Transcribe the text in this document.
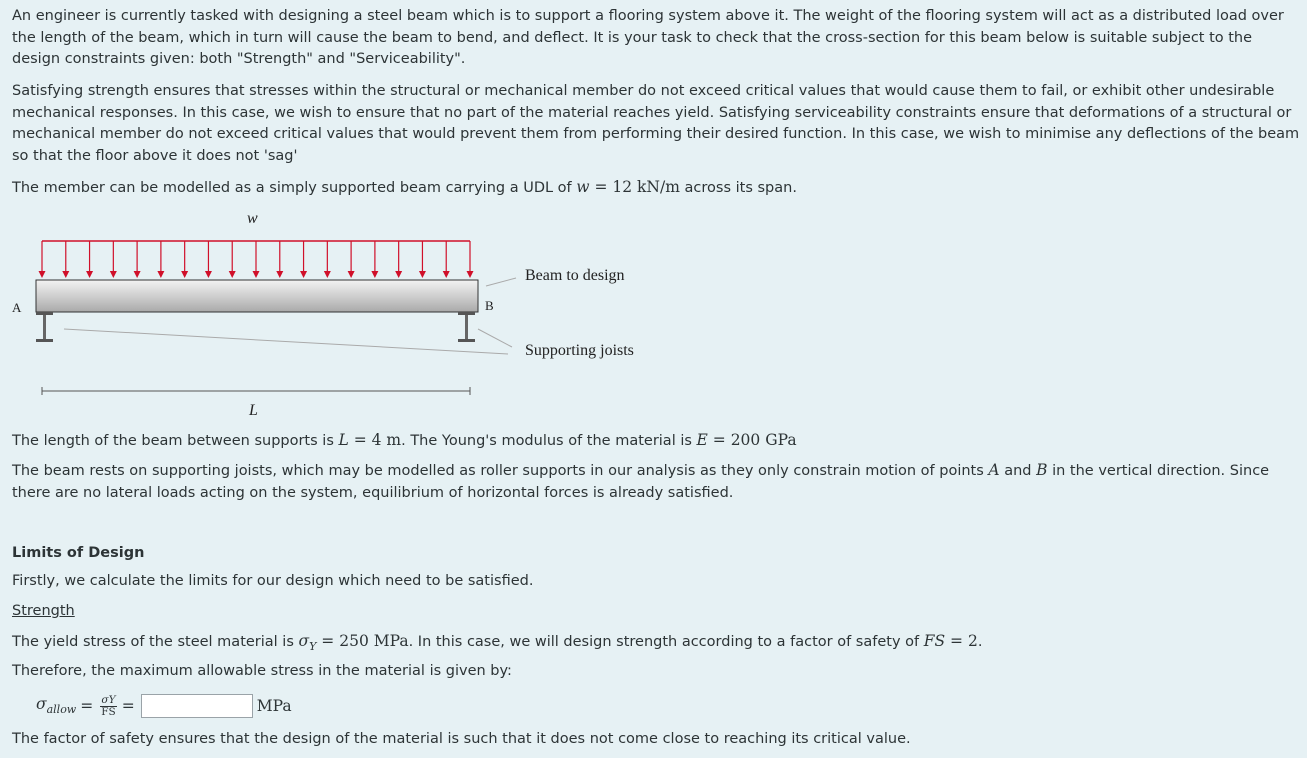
An engineer is currently tasked with designing a steel beam which is to support a flooring system above it. The weight of the flooring system will act as a distributed load over the length of the beam, which in turn will cause the beam to bend, and deflect. It is your task to check that the cross-section for this beam below is suitable subject to the design constraints given: both "Strength" and "Serviceability".

Satisfying strength ensures that stresses within the structural or mechanical member do not exceed critical values that would cause them to fail, or exhibit other undesirable mechanical responses. In this case, we wish to ensure that no part of the material reaches yield. Satisfying serviceability constraints ensure that deformations of a structural or mechanical member do not exceed critical values that would prevent them from performing their desired function. In this case, we wish to minimise any deflections of the beam so that the floor above it does not 'sag'

The member can be modelled as a simply supported beam carrying a UDL of w = 12 kN/m across its span.

w
A	B
Beam to design
Supporting joists
L

The length of the beam between supports is L = 4 m. The Young's modulus of the material is E = 200 GPa

The beam rests on supporting joists, which may be modelled as roller supports in our analysis as they only constrain motion of points A and B in the vertical direction. Since there are no lateral loads acting on the system, equilibrium of horizontal forces is already satisfied.

Limits of Design

Firstly, we calculate the limits for our design which need to be satisfied.

Strength

The yield stress of the steel material is $\sigma_Y = 250$ MPa. In this case, we will design strength according to a factor of safety of FS = 2.

Therefore, the maximum allowable stress in the material is given by:

$\sigma_{allow} = \frac{\sigma Y}{FS}$ =	MPa

The factor of safety ensures that the design of the material is such that it does not come close to reaching its critical value.
